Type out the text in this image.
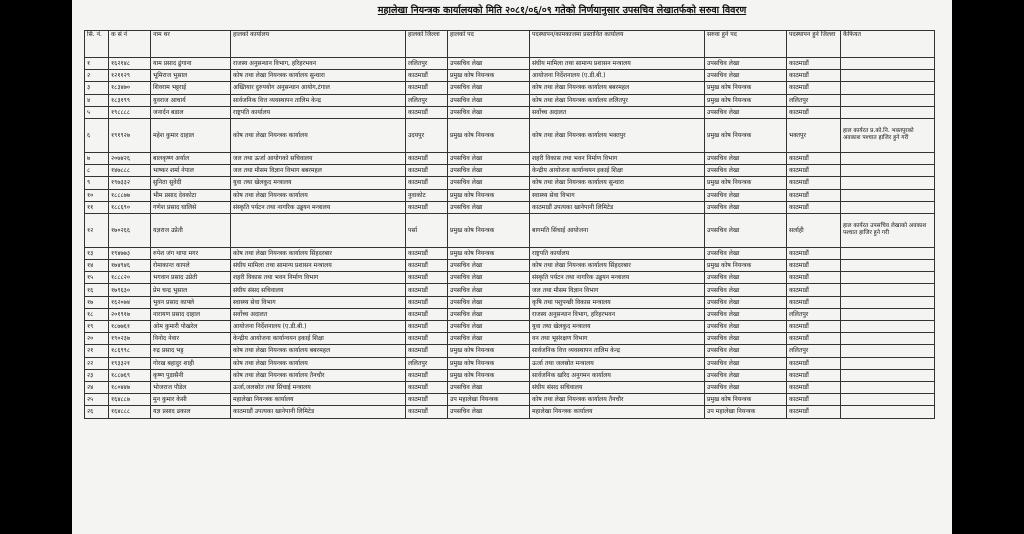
महालेखा नियन्त्रक कार्यालयको मिति २०८१/०६/०९ गतेको निर्णयानुसार उपसचिव लेखातर्फको सरुवा विवरण
सि. नं.	क सं नं	नाम थर	हालको कार्यालय	हालको जिल्ला	हालको पद	पदस्थापन/कामकाजमा प्रस्तावित कार्यालय	सरुवा हुने पद	पदस्थापन हुने जिल्ला	कैफियत
१	१६२१४८	याम प्रसाद ढुंगाना	राजस्व अनुसन्धान विभाग, हरिहरभवन	ललितपुर	उपसचिव लेखा	संघीय मामिला तथा सामान्य प्रशासन मन्त्रालय	उपसचिव लेखा	काठमाडौं	
२	१२११२९	भूमिराज भुसाल	कोष तथा लेखा नियन्त्रक कार्यालय सुन्धारा	काठमाडौं	प्रमुख कोष नियन्त्रक	आयोजना निर्देशनालय (ए.डी.बी.)	उपसचिव लेखा	काठमाडौं	
३	१८३४७०	शिवराम भट्टराई	अख्तियार दुरुपयोग अनुसन्धान आयोग,टंगाल	काठमाडौं	उपसचिव लेखा	कोष तथा लेखा नियन्त्रक कार्यालय बबरमहल	प्रमुख कोष नियन्त्रक	काठमाडौं	
४	१८३१९९	युवराज आचार्य	सार्वजनिक वित्त व्यवस्थापन तालिम केन्द्र	ललितपुर	उपसचिव लेखा	कोष तथा लेखा नियन्त्रक कार्यालय ललितपुर	प्रमुख कोष नियन्त्रक	ललितपुर	
५	१९८८८८	जनार्दन बडाल	राष्ट्रपति कार्यालय	काठमाडौं	उपसचिव लेखा	सर्वोच्च अदालत	उपसचिव लेखा	काठमाडौं	
६	१९१९२७	महेश कुमार दाहाल	कोष तथा लेखा नियन्त्रक कार्यालय	उदयपुर	प्रमुख कोष नियन्त्रक	कोष तथा लेखा नियन्त्रक कार्यालय भक्तपुर	प्रमुख कोष नियन्त्रक	भक्तपुर	हाल कार्यरत प्र.को.नि. भक्तपुरको अवकाश पश्चात हाजिर हुने गरी
७	२०७४२६	बालकृष्ण अर्याल	जल तथा ऊर्जा आयोगको सचिवालय	काठमाडौं	उपसचिव लेखा	शहरी विकास तथा भवन निर्माण विभाग	उपसचिव लेखा	काठमाडौं	
८	१४७८८८	भाष्कर शर्मा नेपाल	जल तथा मौसम विज्ञान विभाग बबरमहल	काठमाडौं	उपसचिव लेखा	केन्द्रीय आयोजना कार्यान्वयन इकाई शिक्षा	उपसचिव लेखा	काठमाडौं	
९	१९७३३२	सुनिता सुवेदी	युवा तथा खेलकुद मन्त्रालय	काठमाडौं	उपसचिव लेखा	कोष तथा लेखा नियन्त्रक कार्यालय सुन्धारा	प्रमुख कोष नियन्त्रक	काठमाडौं	
१०	१८८८७७	भीम प्रसाद देवकोटा	कोष तथा लेखा नियन्त्रक कार्यालय	नुवाकोट	प्रमुख कोष नियन्त्रक	स्वास्थ्य सेवा विभाग	उपसचिव लेखा	काठमाडौं	
११	१८८६९०	गणेश प्रसाद घालिसे	संस्कृति पर्यटन तथा नागरिक उड्डयन मन्त्रालय	काठमाडौं	उपसचिव लेखा	काठमाडौं उपत्यका खानेपानी लिमिटेड	उपसचिव लेखा	काठमाडौं	
१२	१७०२६६	यज्ञराज उप्रेती		पर्सा	प्रमुख कोष नियन्त्रक	बागमति सिंचाई आयोजना	उपसचिव लेखा	सर्लाही	हाल कार्यरत उपसचिव लेखाको अवकाश पश्चात हाजिर हुने गरी
१३	१९४७७३	रुपेश जंग थापा मगर	कोष तथा लेखा नियन्त्रक कार्यालय सिंहदरबार	काठमाडौं	प्रमुख कोष नियन्त्रक	राष्ट्रपति कार्यालय	उपसचिव लेखा	काठमाडौं	
१४	१७४९४६	रोमाकान्त कापले	संघीय मामिला तथा सामान्य प्रशासन मन्त्रालय	काठमाडौं	उपसचिव लेखा	कोष तथा लेखा नियन्त्रक कार्यालय सिंहदरबार	प्रमुख कोष नियन्त्रक	काठमाडौं	
१५	१८८८२०	भगवान प्रसाद उप्रेती	शहरी विकास तथा भवन निर्माण विभाग	काठमाडौं	उपसचिव लेखा	संस्कृति पर्यटन तथा नागरिक उड्डयन मन्त्रालय	उपसचिव लेखा	काठमाडौं	
१६	१७९६३०	प्रेम चन्द्र भुसाल	संघीय संसद सचिवालय	काठमाडौं	उपसचिव लेखा	जल तथा मौसम विज्ञान विभाग	उपसचिव लेखा	काठमाडौं	
१७	१६२०७४	भुवन प्रसाद काफ्ले	स्वास्थ्य सेवा विभाग	काठमाडौं	उपसचिव लेखा	कृषि तथा पशुपन्छी विकास मन्त्रालय	उपसचिव लेखा	काठमाडौं	
१८	२०१९१७	नारायण प्रसाद दाहाल	सर्वोच्च अदालत	काठमाडौं	उपसचिव लेखा	राजस्व अनुसन्धान विभाग, हरिहरभवन	उपसचिव लेखा	ललितपुर	
१९	१८७७६१	ओम कुमारी पोखरेल	आयोजना निर्देशनालय (ए.डी.बी.)	काठमाडौं	उपसचिव लेखा	युवा तथा खेलकुद मन्त्रालय	उपसचिव लेखा	काठमाडौं	
२०	१९०२३७	विनोद नेवार	केन्द्रीय आयोजना कार्यान्वयन इकाई शिक्षा	काठमाडौं	उपसचिव लेखा	वन तथा भूसंरक्षण विभाग	उपसचिव लेखा	काठमाडौं	
२१	१८६९९८	रुद्र प्रसाद भट्ट	कोष तथा लेखा नियन्त्रक कार्यालय बबरमहल	काठमाडौं	प्रमुख कोष नियन्त्रक	सार्वजनिक वित्त व्यवस्थापन तालिम केन्द्र	उपसचिव लेखा	ललितपुर	
२२	१९३३२१	गोरख बहादुर शाही	कोष तथा लेखा नियन्त्रक कार्यालय	ललितपुर	प्रमुख कोष नियन्त्रक	ऊर्जा तथा जलस्रोत मन्त्रालय	उपसचिव लेखा	काठमाडौं	
२३	१८८७६९	कृष्ण पुडासैनी	कोष तथा लेखा नियन्त्रक कार्यालय तैनचौर	काठमाडौं	प्रमुख कोष नियन्त्रक	सार्वजनिक खरिद अनुगमन कार्यालय	उपसचिव लेखा	काठमाडौं	
२४	१८०४४७	भोजराज पौडेल	ऊर्जा,जलस्रोत तथा सिंचाई मन्त्रालय	काठमाडौं	उपसचिव लेखा	संघीय संसद सचिवालय	उपसचिव लेखा	काठमाडौं	
२५	१६४८८७	मुन कुमार केसी	महालेखा नियन्त्रक कार्यालय	काठमाडौं	उप महालेखा नियन्त्रक	कोष तथा लेखा नियन्त्रक कार्यालय तैनचौर	प्रमुख कोष नियन्त्रक	काठमाडौं	
२६	१६४८८८	यज्ञ प्रसाद ढकाल	काठमाडौं उपत्यका खानेपानी लिमिटेड	काठमाडौं	उपसचिव लेखा	महालेखा नियन्त्रक कार्यालय	उप महालेखा नियन्त्रक	काठमाडौं	
